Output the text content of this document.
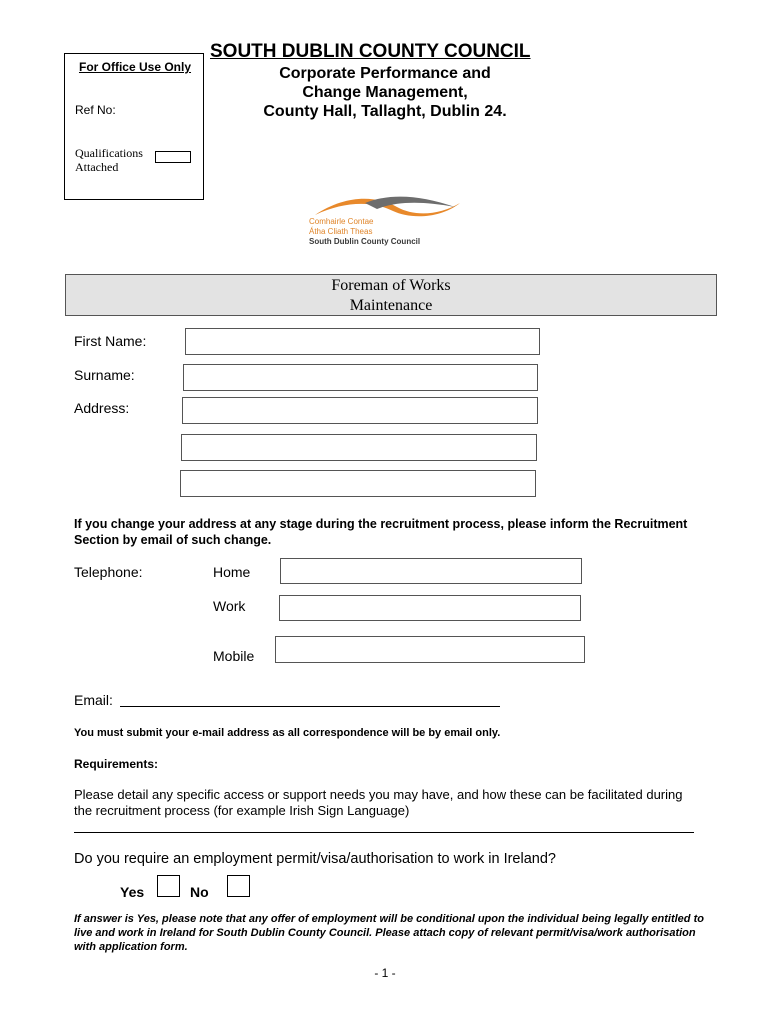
For Office Use Only
Ref No:
Qualifications Attached
SOUTH DUBLIN COUNTY COUNCIL
Corporate Performance and
Change Management,
County Hall, Tallaght, Dublin 24.
Comhairle Contae
Átha Cliath Theas
South Dublin County Council
Foreman of Works
Maintenance
First Name:
Surname:
Address:
If you change your address at any stage during the recruitment process, please inform the Recruitment Section by email of such change.
Telephone:	Home
Work
Mobile
Email:
You must submit your e-mail address as all correspondence will be by email only.
Requirements:
Please detail any specific access or support needs you may have, and how these can be facilitated during the recruitment process (for example Irish Sign Language)
Do you require an employment permit/visa/authorisation to work in Ireland?
Yes	No
If answer is Yes, please note that any offer of employment will be conditional upon the individual being legally entitled to live and work in Ireland for South Dublin County Council. Please attach copy of relevant permit/visa/work authorisation with application form.
- 1 -
